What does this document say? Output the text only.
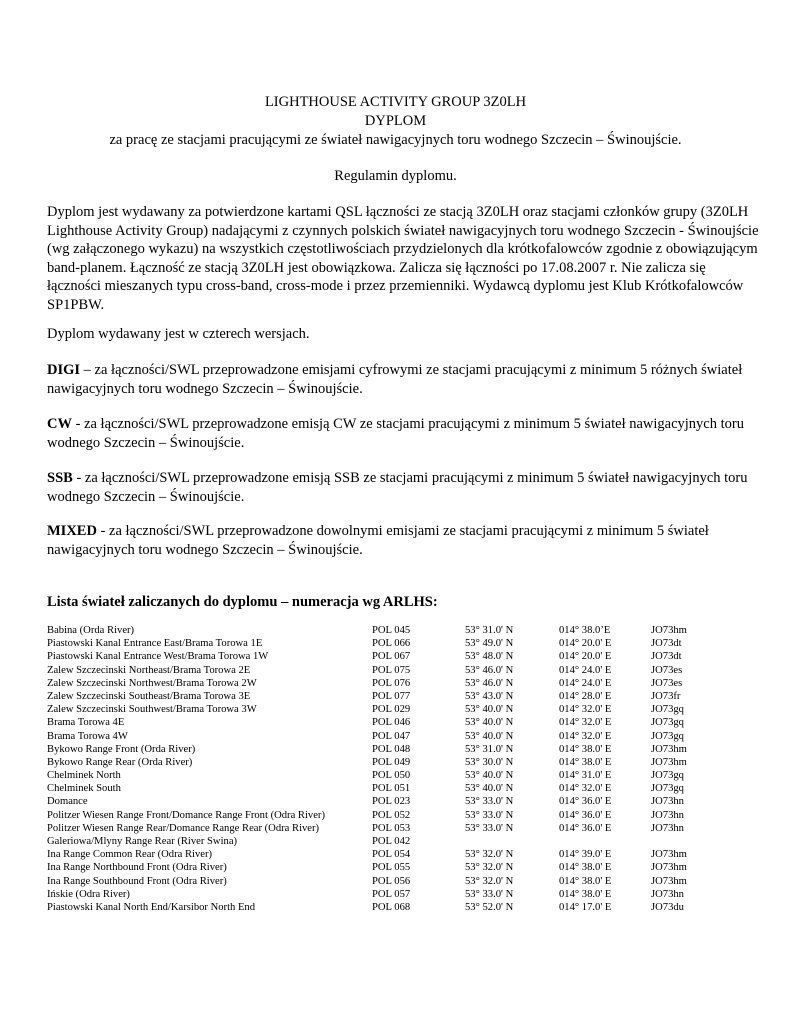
LIGHTHOUSE ACTIVITY GROUP 3Z0LH
DYPLOM
za pracę ze stacjami pracującymi ze świateł nawigacyjnych toru wodnego Szczecin – Świnoujście.
Regulamin dyplomu.
Dyplom jest wydawany za potwierdzone kartami QSL łączności ze stacją 3Z0LH oraz stacjami członków grupy (3Z0LH Lighthouse Activity Group) nadającymi z czynnych polskich świateł nawigacyjnych toru wodnego Szczecin - Świnoujście (wg załączonego wykazu) na wszystkich częstotliwościach przydzielonych dla krótkofalowców zgodnie z obowiązującym band-planem. Łączność ze stacją 3Z0LH jest obowiązkowa. Zalicza się łączności po 17.08.2007 r. Nie zalicza się łączności mieszanych typu cross-band, cross-mode i przez przemienniki. Wydawcą dyplomu jest Klub Krótkofalowców SP1PBW.
Dyplom wydawany jest w czterech wersjach.
DIGI – za łączności/SWL przeprowadzone emisjami cyfrowymi ze stacjami pracującymi z minimum 5 różnych świateł nawigacyjnych toru wodnego Szczecin – Świnoujście.
CW - za łączności/SWL przeprowadzone emisją CW ze stacjami pracującymi z minimum 5 świateł nawigacyjnych toru wodnego Szczecin – Świnoujście.
SSB - za łączności/SWL przeprowadzone emisją SSB ze stacjami pracującymi z minimum 5 świateł nawigacyjnych toru wodnego Szczecin – Świnoujście.
MIXED - za łączności/SWL przeprowadzone dowolnymi emisjami ze stacjami pracującymi z minimum 5 świateł nawigacyjnych toru wodnego Szczecin – Świnoujście.
Lista świateł zaliczanych do dyplomu – numeracja wg ARLHS:
Babina (Orda River)	POL 045	53° 31.0' N	014° 38.0’E	JO73hm
Piastowski Kanal Entrance East/Brama Torowa 1E	POL 066	53° 49.0' N	014° 20.0' E	JO73dt
Piastowski Kanal Entrance West/Brama Torowa 1W	POL 067	53° 48.0' N	014° 20.0' E	JO73dt
Zalew Szczecinski Northeast/Brama Torowa 2E	POL 075	53° 46.0' N	014° 24.0' E	JO73es
Zalew Szczecinski Northwest/Brama Torowa 2W	POL 076	53° 46.0' N	014° 24.0' E	JO73es
Zalew Szczecinski Southeast/Brama Torowa 3E	POL 077	53° 43.0' N	014° 28.0' E	JO73fr
Zalew Szczecinski Southwest/Brama Torowa 3W	POL 029	53° 40.0' N	014° 32.0' E	JO73gq
Brama Torowa 4E	POL 046	53° 40.0' N	014° 32.0' E	JO73gq
Brama Torowa 4W	POL 047	53° 40.0' N	014° 32.0' E	JO73gq
Bykowo Range Front (Orda River)	POL 048	53° 31.0' N	014° 38.0' E	JO73hm
Bykowo Range Rear (Orda River)	POL 049	53° 30.0' N	014° 38.0' E	JO73hm
Chelminek North	POL 050	53° 40.0' N	014° 31.0' E	JO73gq
Chelminek South	POL 051	53° 40.0' N	014° 32.0' E	JO73gq
Domance	POL 023	53° 33.0' N	014° 36.0' E	JO73hn
Politzer Wiesen Range Front/Domance Range Front (Odra River)	POL 052	53° 33.0' N	014° 36.0' E	JO73hn
Politzer Wiesen Range Rear/Domance Range Rear (Odra River)	POL 053	53° 33.0' N	014° 36.0' E	JO73hn
Galeriowa/Mlyny Range Rear (River Swina)	POL 042
Ina Range Common Rear (Odra River)	POL 054	53° 32.0' N	014° 39.0' E	JO73hm
Ina Range Northbound Front (Odra River)	POL 055	53° 32.0' N	014° 38.0' E	JO73hm
Ina Range Southbound Front (Odra River)	POL 056	53° 32.0' N	014° 38.0' E	JO73hm
Ińskie (Odra River)	POL 057	53° 33.0' N	014° 38.0' E	JO73hn
Piastowski Kanal North End/Karsibor North End	POL 068	53° 52.0' N	014° 17.0' E	JO73du
